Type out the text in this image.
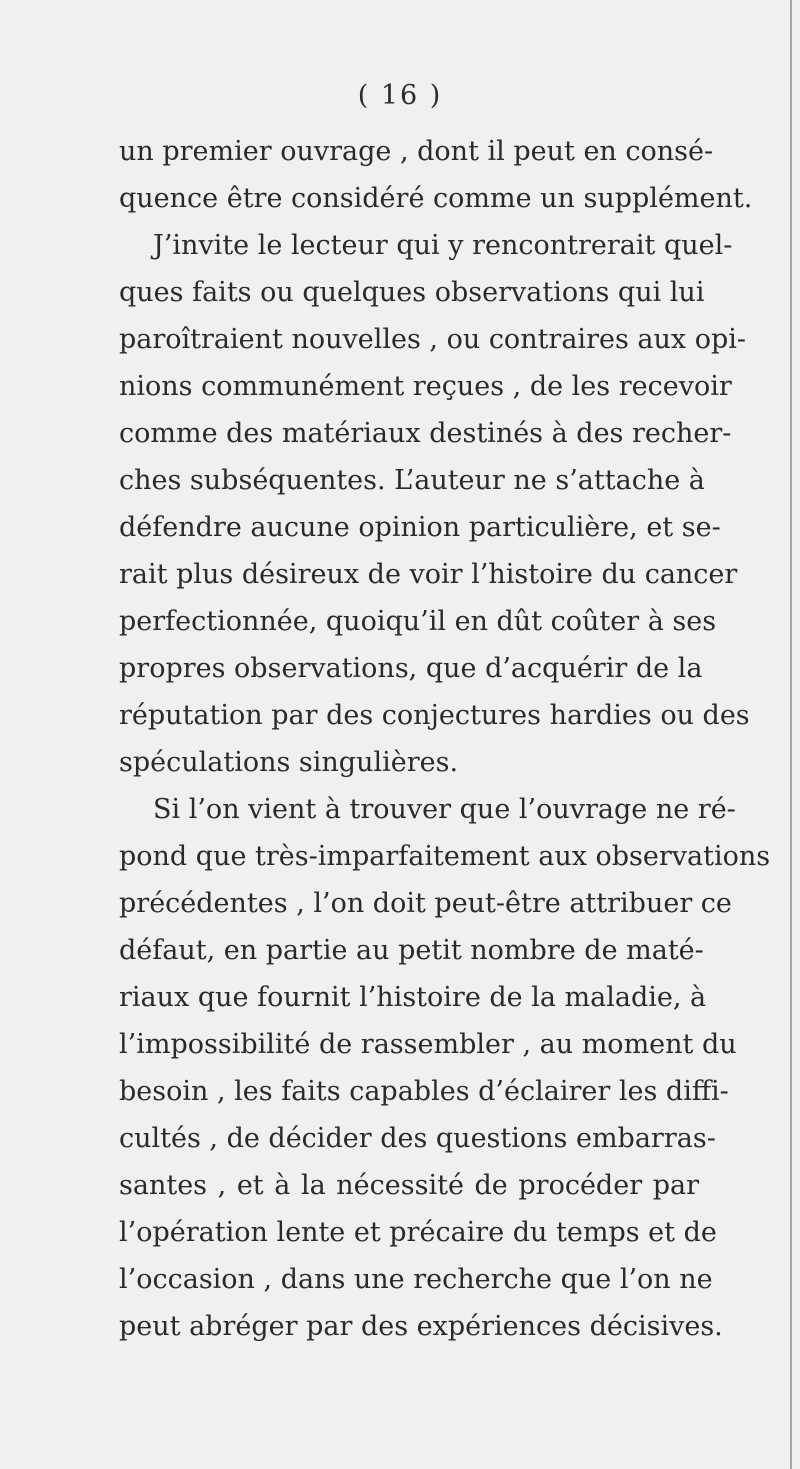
( 16 )
un premier ouvrage , dont il peut en consé-
quence être considéré comme un supplément.
J’invite le lecteur qui y rencontrerait quel-
ques faits ou quelques observations qui lui
paroîtraient nouvelles , ou contraires aux opi-
nions communément reçues , de les recevoir
comme des matériaux destinés à des recher-
ches subséquentes. L’auteur ne s’attache à
défendre aucune opinion particulière, et se-
rait plus désireux de voir l’histoire du cancer
perfectionnée, quoiqu’il en dût coûter à ses
propres observations, que d’acquérir de la
réputation par des conjectures hardies ou des
spéculations singulières.
Si l’on vient à trouver que l’ouvrage ne ré-
pond que très-imparfaitement aux observations
précédentes , l’on doit peut-être attribuer ce
défaut, en partie au petit nombre de maté-
riaux que fournit l’histoire de la maladie, à
l’impossibilité de rassembler , au moment du
besoin , les faits capables d’éclairer les diffi-
cultés , de décider des questions embarras-
santes , et à la nécessité de procéder par
l’opération lente et précaire du temps et de
l’occasion , dans une recherche que l’on ne
peut abréger par des expériences décisives.
